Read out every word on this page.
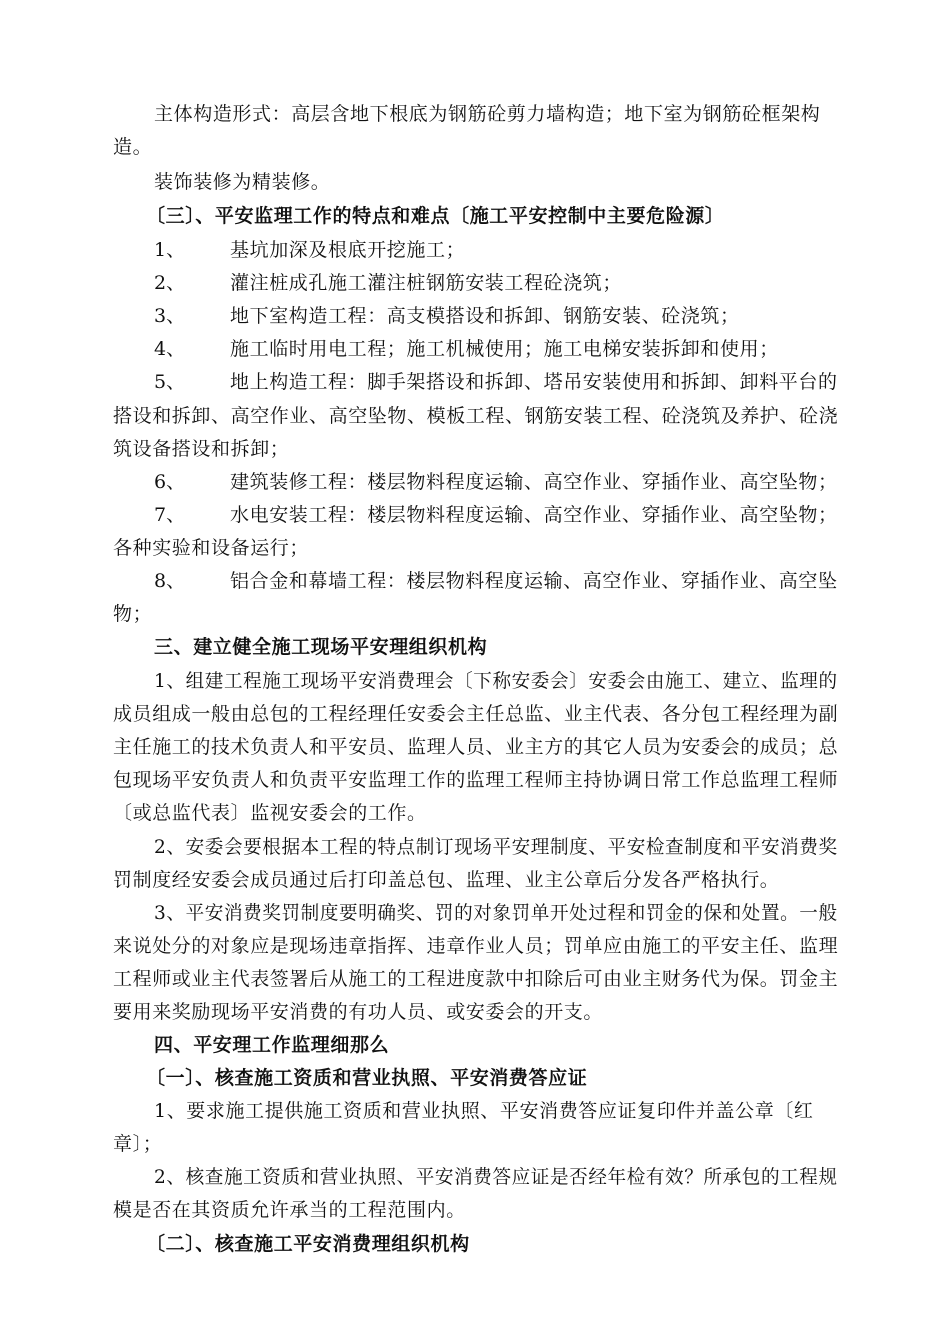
主体构造形式：高层含地下根底为钢筋砼剪力墙构造；地下室为钢筋砼框架构
造。
装饰装修为精装修。
〔三〕、平安监理工作的特点和难点〔施工平安控制中主要危险源〕
1、 基坑加深及根底开挖施工；
2、 灌注桩成孔施工灌注桩钢筋安装工程砼浇筑；
3、 地下室构造工程：高支模搭设和拆卸、钢筋安装、砼浇筑；
4、 施工临时用电工程；施工机械使用；施工电梯安装拆卸和使用；
5、 地上构造工程：脚手架搭设和拆卸、塔吊安装使用和拆卸、卸料平台的
搭设和拆卸、高空作业、高空坠物、模板工程、钢筋安装工程、砼浇筑及养护、砼浇
筑设备搭设和拆卸；
6、 建筑装修工程：楼层物料程度运输、高空作业、穿插作业、高空坠物；
7、 水电安装工程：楼层物料程度运输、高空作业、穿插作业、高空坠物；
各种实验和设备运行；
8、 铝合金和幕墙工程：楼层物料程度运输、高空作业、穿插作业、高空坠
物；
三、建立健全施工现场平安理组织机构
1、组建工程施工现场平安消费理会〔下称安委会〕安委会由施工、建立、监理的
成员组成一般由总包的工程经理任安委会主任总监、业主代表、各分包工程经理为副
主任施工的技术负责人和平安员、监理人员、业主方的其它人员为安委会的成员；总
包现场平安负责人和负责平安监理工作的监理工程师主持协调日常工作总监理工程师
〔或总监代表〕监视安委会的工作。
2、安委会要根据本工程的特点制订现场平安理制度、平安检查制度和平安消费奖
罚制度经安委会成员通过后打印盖总包、监理、业主公章后分发各严格执行。
3、平安消费奖罚制度要明确奖、罚的对象罚单开处过程和罚金的保和处置。一般
来说处分的对象应是现场违章指挥、违章作业人员；罚单应由施工的平安主任、监理
工程师或业主代表签署后从施工的工程进度款中扣除后可由业主财务代为保。罚金主
要用来奖励现场平安消费的有功人员、或安委会的开支。
四、平安理工作监理细那么
〔一〕、核查施工资质和营业执照、平安消费答应证
1、要求施工提供施工资质和营业执照、平安消费答应证复印件并盖公章〔红
章〕；
2、核查施工资质和营业执照、平安消费答应证是否经年检有效？所承包的工程规
模是否在其资质允许承当的工程范围内。
〔二〕、核查施工平安消费理组织机构
